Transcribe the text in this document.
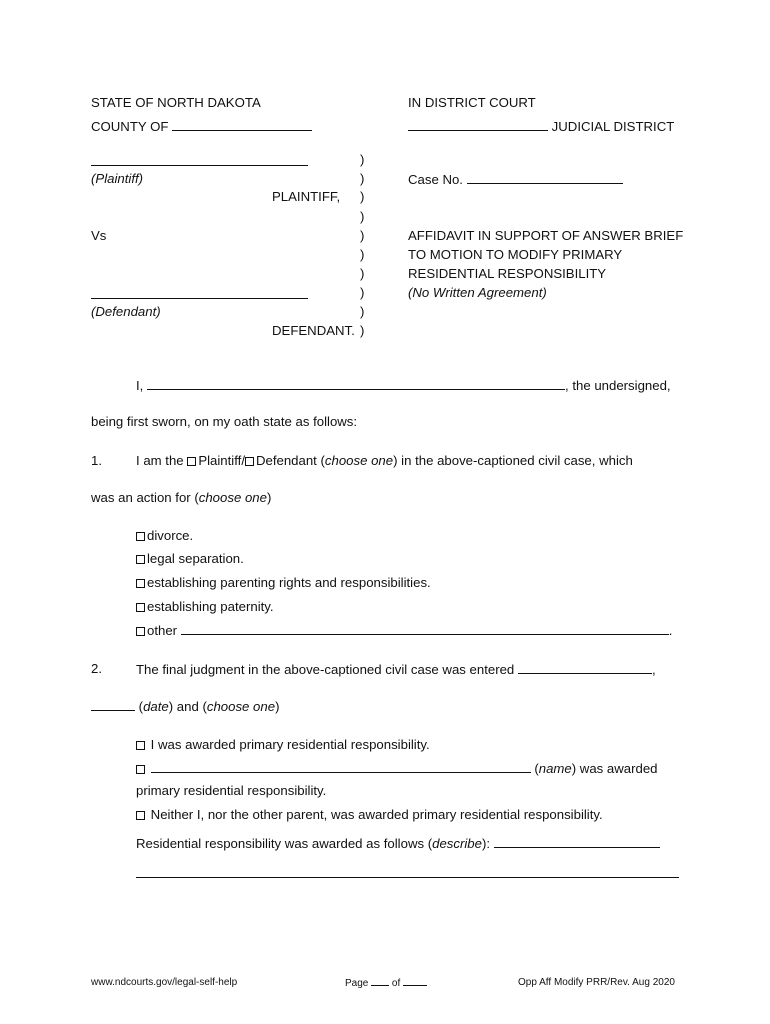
STATE OF NORTH DAKOTA
COUNTY OF
IN DISTRICT COURT
JUDICIAL DISTRICT
(Plaintiff)
PLAINTIFF,
Vs
(Defendant)
DEFENDANT.
)
)
)
)
)
)
)
)
)
)
Case No.
AFFIDAVIT IN SUPPORT OF ANSWER BRIEF
TO MOTION TO MODIFY PRIMARY
RESIDENTIAL RESPONSIBILITY
(No Written Agreement)
I,	, the undersigned,
being first sworn, on my oath state as follows:
1.	I am the Plaintiff/ Defendant (choose one) in the above-captioned civil case, which
was an action for (choose one)
divorce.
legal separation.
establishing parenting rights and responsibilities.
establishing paternity.
other	.
2.	The final judgment in the above-captioned civil case was entered	,
(date) and (choose one)
I was awarded primary residential responsibility.
(name) was awarded
primary residential responsibility.
Neither I, nor the other parent, was awarded primary residential responsibility.
Residential responsibility was awarded as follows (describe):
www.ndcourts.gov/legal-self-help	Page of	Opp Aff Modify PRR/Rev. Aug 2020
